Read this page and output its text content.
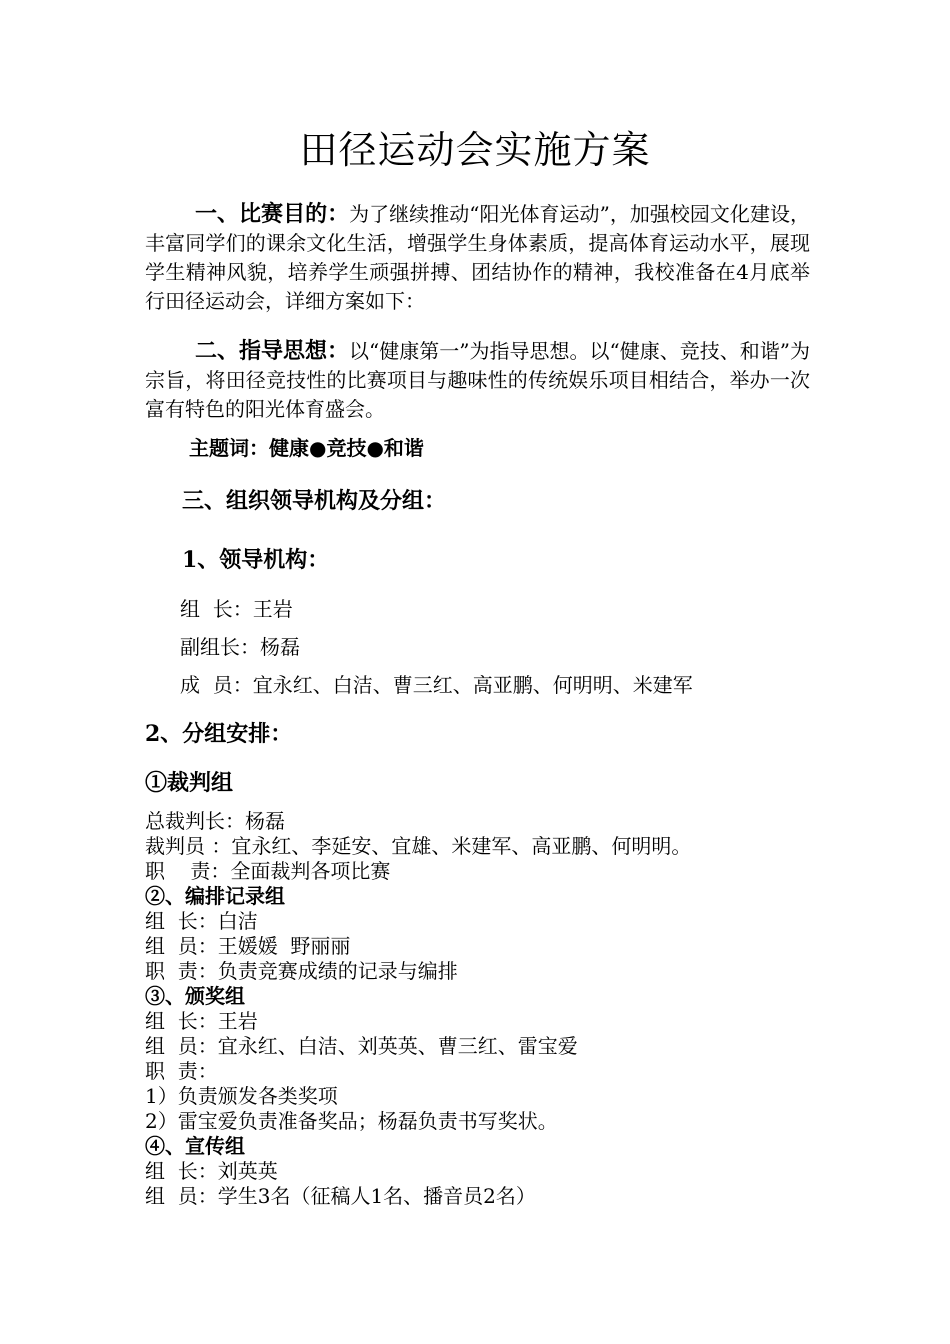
田径运动会实施方案
一、比赛目的：为了继续推动“阳光体育运动”，加强校园文化建设，丰富同学们的课余文化生活，增强学生身体素质，提高体育运动水平，展现学生精神风貌，培养学生顽强拼搏、团结协作的精神，我校准备在4月底举行田径运动会，详细方案如下：
二、指导思想：以“健康第一”为指导思想。以“健康、竞技、和谐”为宗旨，将田径竞技性的比赛项目与趣味性的传统娱乐项目相结合，举办一次富有特色的阳光体育盛会。
主题词：健康●竞技●和谐
三、组织领导机构及分组：
1、领导机构：
组  长：王岩
副组长：杨磊
成  员：宜永红、白洁、曹三红、高亚鹏、何明明、米建军
2、分组安排：
①裁判组
总裁判长：杨磊
裁判员 ：宜永红、李延安、宜雄、米建军、高亚鹏、何明明。
职    责：全面裁判各项比赛
②、编排记录组
组  长：白洁
组  员：王媛媛  野丽丽
职  责：负责竞赛成绩的记录与编排
③、颁奖组
组  长：王岩
组  员：宜永红、白洁、刘英英、曹三红、雷宝爱
职  责：
1）负责颁发各类奖项
2）雷宝爱负责准备奖品；杨磊负责书写奖状。
④、宣传组
组  长：刘英英
组  员：学生3名（征稿人1名、播音员2名）
